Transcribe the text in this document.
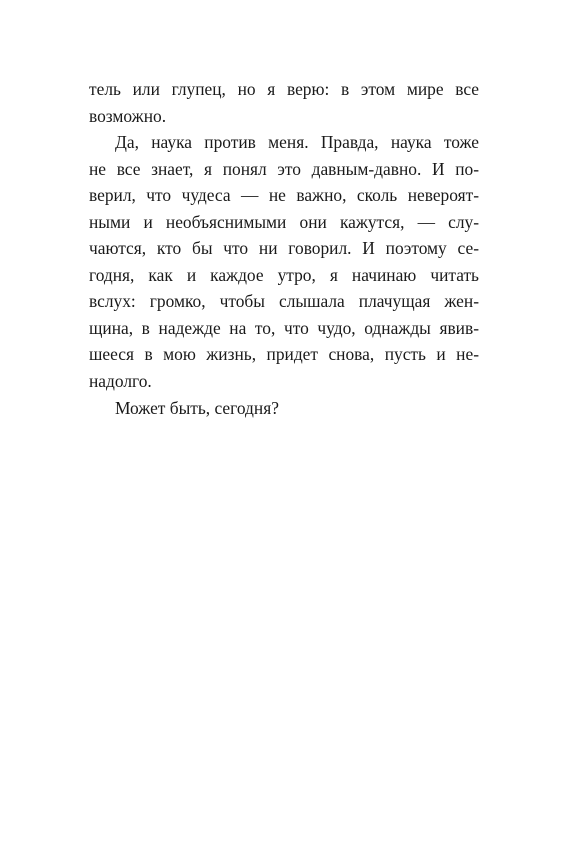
тель или глупец, но я верю: в этом мире все
возможно.
Да, наука против меня. Правда, наука тоже
не все знает, я понял это давным-давно. И по-
верил, что чудеса — не важно, сколь невероят-
ными и необъяснимыми они кажутся, — слу-
чаются, кто бы что ни говорил. И поэтому се-
годня, как и каждое утро, я начинаю читать
вслух: громко, чтобы слышала плачущая жен-
щина, в надежде на то, что чудо, однажды явив-
шееся в мою жизнь, придет снова, пусть и не-
надолго.
Может быть, сегодня?
